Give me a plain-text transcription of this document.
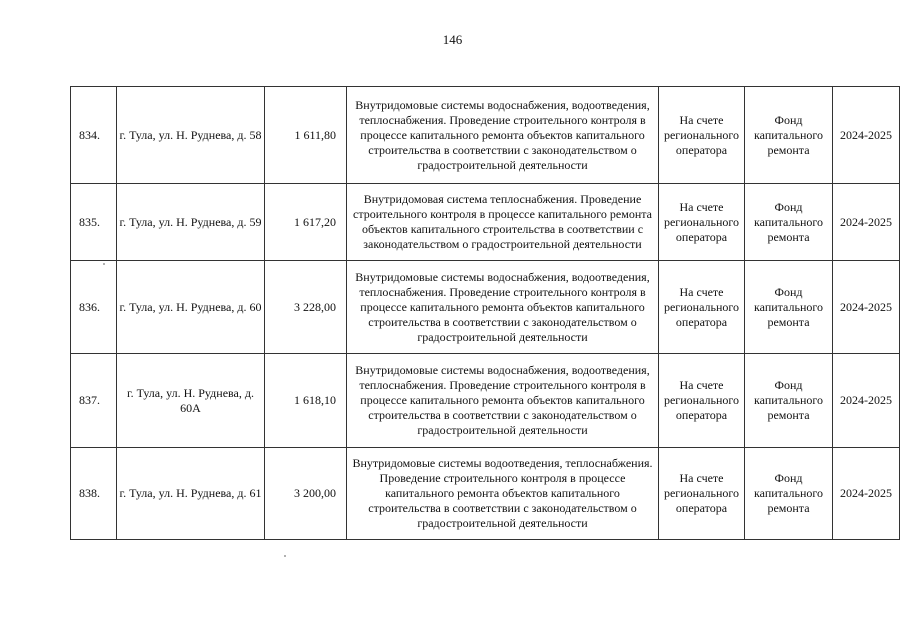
146
834.	г. Тула, ул. Н. Руднева, д. 58	1 611,80	Внутридомовые системы водоснабжения, водоотведения, теплоснабжения. Проведение строительного контроля в процессе капитального ремонта объектов капитального строительства в соответствии с законодательством о градостроительной деятельности	На счете регионального оператора	Фонд капитального ремонта	2024-2025
835.	г. Тула, ул. Н. Руднева, д. 59	1 617,20	Внутридомовая система теплоснабжения. Проведение строительного контроля в процессе капитального ремонта объектов капитального строительства в соответствии с законодательством о градостроительной деятельности	На счете регионального оператора	Фонд капитального ремонта	2024-2025
836.	г. Тула, ул. Н. Руднева, д. 60	3 228,00	Внутридомовые системы водоснабжения, водоотведения, теплоснабжения. Проведение строительного контроля в процессе капитального ремонта объектов капитального строительства в соответствии с законодательством о градостроительной деятельности	На счете регионального оператора	Фонд капитального ремонта	2024-2025
837.	г. Тула, ул. Н. Руднева, д. 60А	1 618,10	Внутридомовые системы водоснабжения, водоотведения, теплоснабжения. Проведение строительного контроля в процессе капитального ремонта объектов капитального строительства в соответствии с законодательством о градостроительной деятельности	На счете регионального оператора	Фонд капитального ремонта	2024-2025
838.	г. Тула, ул. Н. Руднева, д. 61	3 200,00	Внутридомовые системы водоотведения, теплоснабжения. Проведение строительного контроля в процессе капитального ремонта объектов капитального строительства в соответствии с законодательством о градостроительной деятельности	На счете регионального оператора	Фонд капитального ремонта	2024-2025
